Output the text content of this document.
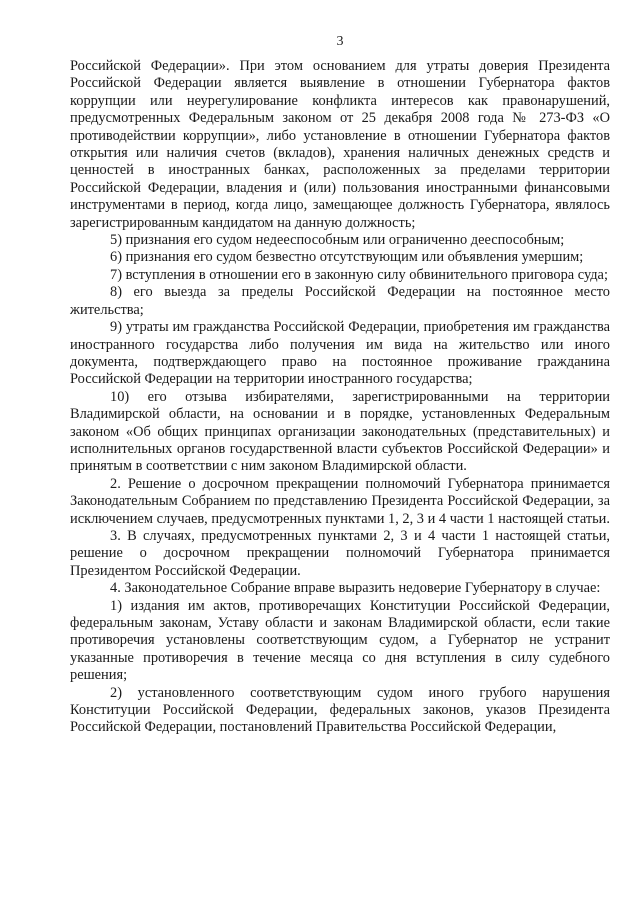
3

Российской Федерации». При этом основанием для утраты доверия Президента Российской Федерации является выявление в отношении Губернатора фактов коррупции или неурегулирование конфликта интересов как правонарушений, предусмотренных Федеральным законом от 25 декабря 2008 года № 273-ФЗ «О противодействии коррупции», либо установление в отношении Губернатора фактов открытия или наличия счетов (вкладов), хранения наличных денежных средств и ценностей в иностранных банках, расположенных за пределами территории Российской Федерации, владения и (или) пользования иностранными финансовыми инструментами в период, когда лицо, замещающее должность Губернатора, являлось зарегистрированным кандидатом на данную должность;

5) признания его судом недееспособным или ограниченно дееспособным;

6) признания его судом безвестно отсутствующим или объявления умершим;

7) вступления в отношении его в законную силу обвинительного приговора суда;

8) его выезда за пределы Российской Федерации на постоянное место жительства;

9) утраты им гражданства Российской Федерации, приобретения им гражданства иностранного государства либо получения им вида на жительство или иного документа, подтверждающего право на постоянное проживание гражданина Российской Федерации на территории иностранного государства;

10) его отзыва избирателями, зарегистрированными на территории Владимирской области, на основании и в порядке, установленных Федеральным законом «Об общих принципах организации законодательных (представительных) и исполнительных органов государственной власти субъектов Российской Федерации» и принятым в соответствии с ним законом Владимирской области.

2. Решение о досрочном прекращении полномочий Губернатора принимается Законодательным Собранием по представлению Президента Российской Федерации, за исключением случаев, предусмотренных пунктами 1, 2, 3 и 4 части 1 настоящей статьи.

3. В случаях, предусмотренных пунктами 2, 3 и 4 части 1 настоящей статьи, решение о досрочном прекращении полномочий Губернатора принимается Президентом Российской Федерации.

4. Законодательное Собрание вправе выразить недоверие Губернатору в случае:

1) издания им актов, противоречащих Конституции Российской Федерации, федеральным законам, Уставу области и законам Владимирской области, если такие противоречия установлены соответствующим судом, а Губернатор не устранит указанные противоречия в течение месяца со дня вступления в силу судебного решения;

2) установленного соответствующим судом иного грубого нарушения Конституции Российской Федерации, федеральных законов, указов Президента Российской Федерации, постановлений Правительства Российской Федерации,
